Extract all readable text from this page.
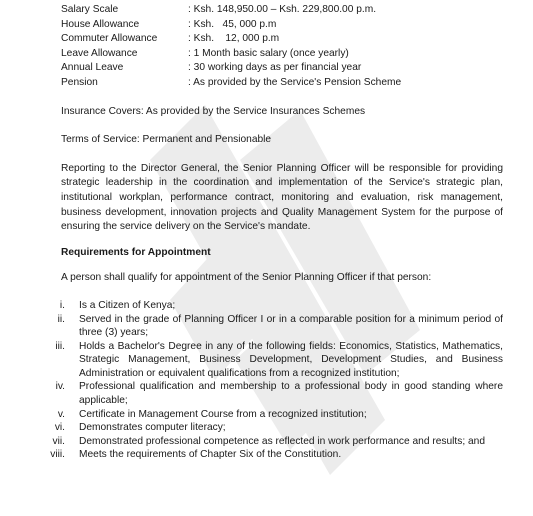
Salary Scale	: Ksh. 148,950.00 – Ksh. 229,800.00 p.m.
House Allowance	: Ksh.   45, 000 p.m
Commuter Allowance	: Ksh.    12, 000 p.m
Leave Allowance	: 1 Month basic salary (once yearly)
Annual Leave	: 30 working days as per financial year
Pension	: As provided by the Service's Pension Scheme

Insurance Covers: As provided by the Service Insurances Schemes

Terms of Service: Permanent and Pensionable

Reporting to the Director General, the Senior Planning Officer will be responsible for providing strategic leadership in the coordination and implementation of the Service's strategic plan, institutional workplan, performance contract, monitoring and evaluation, risk management, business development, innovation projects and Quality Management System for the purpose of ensuring the service delivery on the Service's mandate.

Requirements for Appointment

A person shall qualify for appointment of the Senior Planning Officer if that person:

i.	Is a Citizen of Kenya;
ii.	Served in the grade of Planning Officer I or in a comparable position for a minimum period of three (3) years;
iii.	Holds a Bachelor's Degree in any of the following fields: Economics, Statistics, Mathematics, Strategic Management, Business Development, Development Studies, and Business Administration or equivalent qualifications from a recognized institution;
iv.	Professional qualification and membership to a professional body in good standing where applicable;
v.	Certificate in Management Course from a recognized institution;
vi.	Demonstrates computer literacy;
vii.	Demonstrated professional competence as reflected in work performance and results; and
viii.	Meets the requirements of Chapter Six of the Constitution.
